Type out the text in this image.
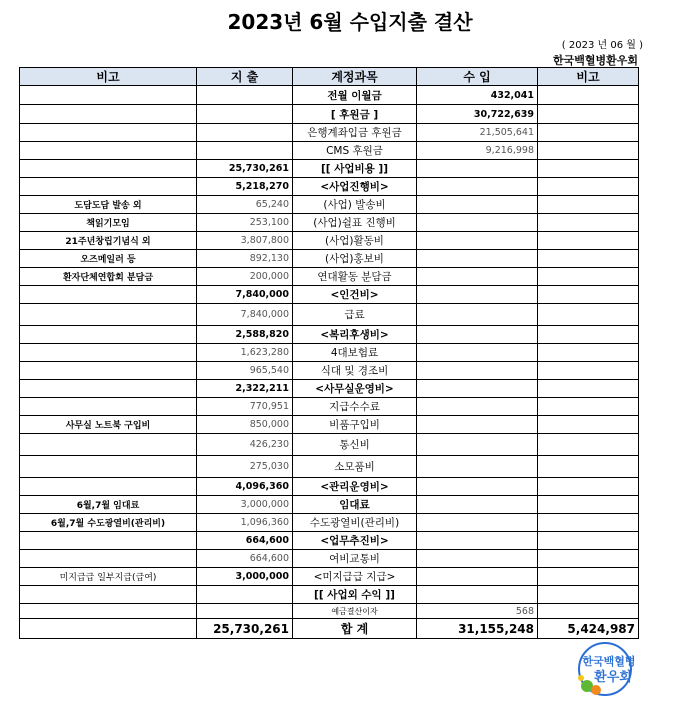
2023년 6월 수입지출 결산
( 2023 년 06 월 )
한국백혈병환우회
비고	지 출	계정과목	수 입	비고
		전월 이월금	432,041	
		[ 후원금 ]	30,722,639	
		은행계좌입금 후원금	21,505,641	
		CMS 후원금	9,216,998	
	25,730,261	[[ 사업비용 ]]		
	5,218,270	<사업진행비>		
도담도담 발송 외	65,240	(사업) 발송비		
책읽기모임	253,100	(사업)쉴표 진행비		
21주년창립기념식 외	3,807,800	(사업)활동비		
오즈메일러 등	892,130	(사업)홍보비		
환자단체연합회 분담금	200,000	연대활동 분담금		
	7,840,000	<인건비>		
	7,840,000	급료		
	2,588,820	<복리후생비>		
	1,623,280	4대보험료		
	965,540	식대 및 경조비		
	2,322,211	<사무실운영비>		
	770,951	지급수수료		
사무실 노트북 구입비	850,000	비품구입비		
	426,230	통신비		
	275,030	소모품비		
	4,096,360	<관리운영비>		
6월,7월 임대료	3,000,000	임대료		
6월,7월 수도광열비(관리비)	1,096,360	수도광열비(관리비)		
	664,600	<업무추진비>		
	664,600	여비교통비		
미지급급 일부지급(급여)	3,000,000	<미지급급 지급>		
		[[ 사업외 수익 ]]		
		예금결산이자	568	
	25,730,261	합 계	31,155,248	5,424,987
한국백혈병
환우회
